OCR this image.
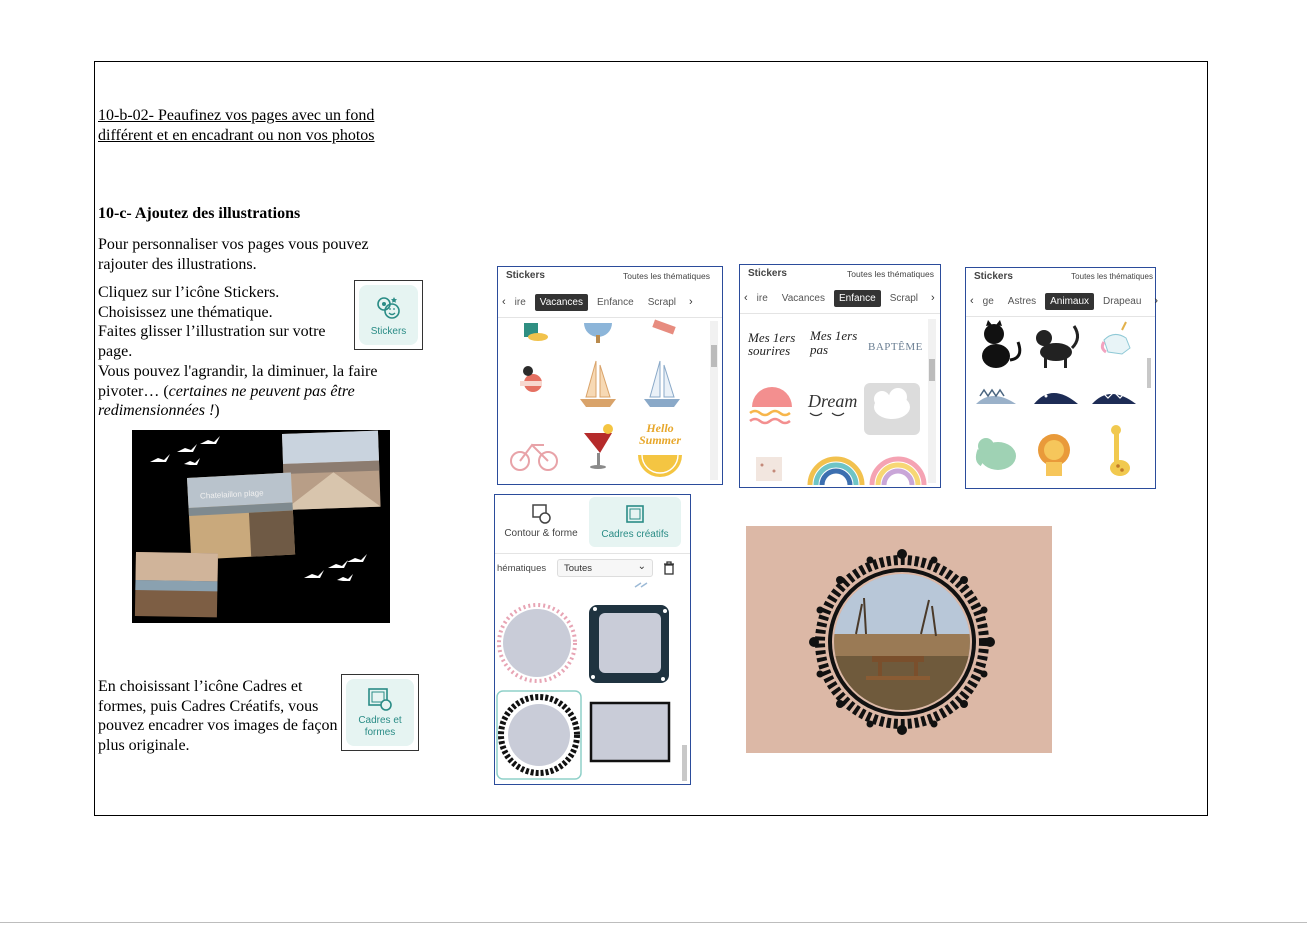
10-b-02- Peaufinez vos pages avec un fond différent et en encadrant ou non vos photos
10-c- Ajoutez des illustrations
Pour personnaliser vos pages vous pouvez rajouter des illustrations.
Cliquez sur l’icône Stickers.
Choisissez une thématique.
Faites glisser l’illustration sur votre page.
Vous pouvez l'agrandir, la diminuer, la faire pivoter… (certaines ne peuvent pas être redimensionnées !)
Stickers
Chatelaillon plage
En choisissant l’icône Cadres et formes, puis Cadres Créatifs, vous pouvez encadrer vos images de façon plus originale.
Cadres et formes
Stickers	Toutes les thématiques
‹ ire	Vacances	Enfance	Scrapl	›
Hello
Summer
Stickers	Toutes les thématiques
‹ ire	Vacances	Enfance	Scrapl	›
Mes 1ers
sourires
Mes 1ers
pas	BAPTÊME
Dream
Stickers	Toutes les thématiques
‹ ge	Astres	Animaux	Drapeau	›
Contour & forme Cadres créatifs
hématiques	Toutes	⌄
